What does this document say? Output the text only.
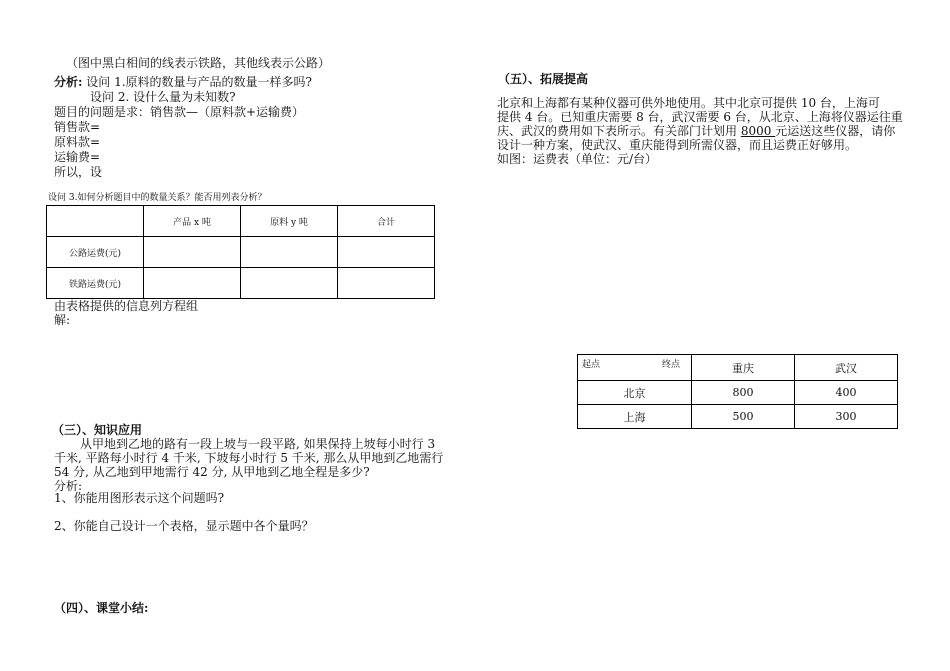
（图中黑白相间的线表示铁路，其他线表示公路）
分析: 设问 1.原料的数量与产品的数量一样多吗?
设问 2. 设什么量为未知数?
题目的问题是求：销售款—（原料款+运输费）
销售款=
原料款=
运输费=
所以，设
设问 3.如何分析题目中的数量关系？能否用列表分析？
	产品 x 吨	原料 y 吨	合计
公路运费(元)			
铁路运费(元)			
由表格提供的信息列方程组
解:
（三）、知识应用
从甲地到乙地的路有一段上坡与一段平路, 如果保持上坡每小时行 3
千米, 平路每小时行 4 千米, 下坡每小时行 5 千米, 那么从甲地到乙地需行
54 分, 从乙地到甲地需行 42 分, 从甲地到乙地全程是多少?
分析:
1、你能用图形表示这个问题吗?
2、你能自己设计一个表格，显示题中各个量吗？
（四）、课堂小结:
（五）、拓展提高
北京和上海都有某种仪器可供外地使用。其中北京可提供 10 台，上海可
提供 4 台。已知重庆需要 8 台，武汉需要 6 台，从北京、上海将仪器运往重
庆、武汉的费用如下表所示。有关部门计划用 8000 元运送这些仪器，请你
设计一种方案，使武汉、重庆能得到所需仪器，而且运费正好够用。
如图：运费表（单位：元/台）
起点 终点	重庆	武汉
北京	800	400
上海	500	300
